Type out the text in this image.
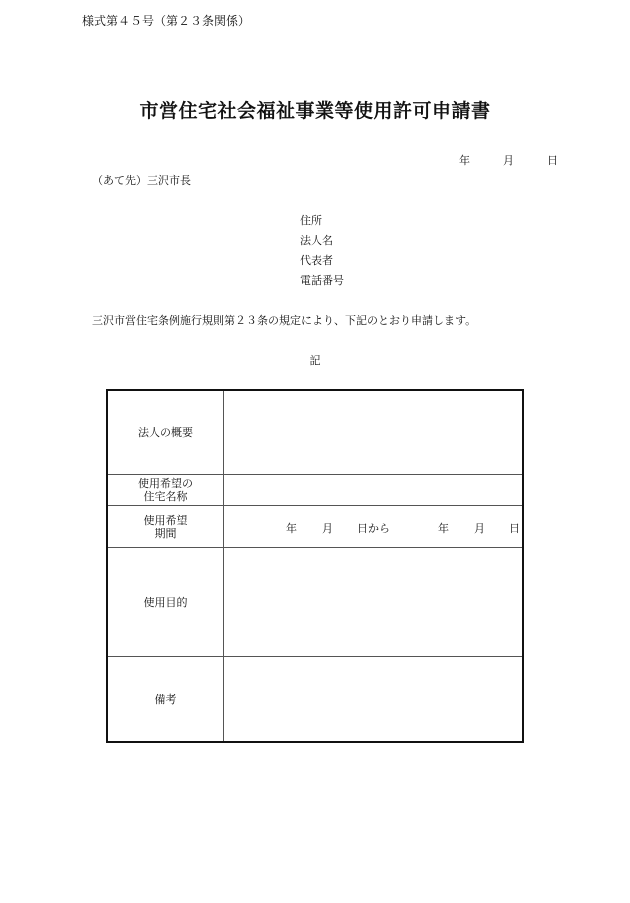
様式第４５号（第２３条関係）
市営住宅社会福祉事業等使用許可申請書
年	月	日
（あて先）三沢市長
住所
法人名
代表者
電話番号
三沢市営住宅条例施行規則第２３条の規定により、下記のとおり申請します。
記
法人の概要
使用希望の
住宅名称
使用希望
期間	年 月 日から	年 月 日
使用目的
備考
